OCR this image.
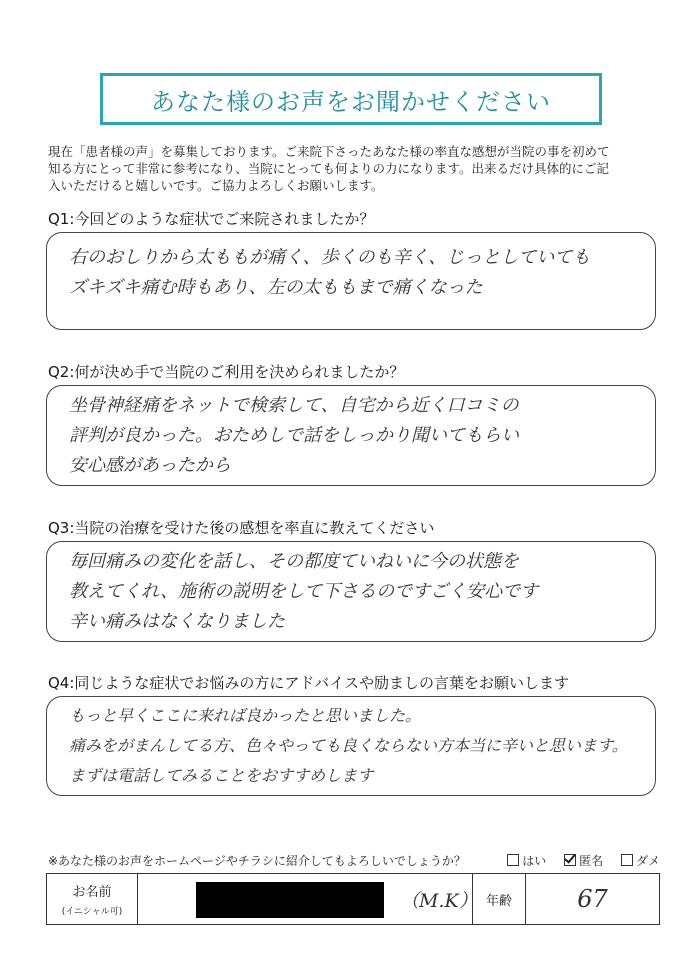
あなた様のお声をお聞かせください
現在「患者様の声」を募集しております。ご来院下さったあなた様の率直な感想が当院の事を初めて
知る方にとって非常に参考になり、当院にとっても何よりの力になります。出来るだけ具体的にご記
入いただけると嬉しいです。ご協力よろしくお願いします。
Q1:今回どのような症状でご来院されましたか？
右のおしりから太ももが痛く、歩くのも辛く、じっとしていても
ズキズキ痛む時もあり、左の太ももまで痛くなった
Q2:何が決め手で当院のご利用を決められましたか？
坐骨神経痛をネットで検索して、自宅から近く口コミの
評判が良かった。おためしで話をしっかり聞いてもらい
安心感があったから
Q3:当院の治療を受けた後の感想を率直に教えてください
毎回痛みの変化を話し、その都度ていねいに今の状態を
教えてくれ、施術の説明をして下さるのですごく安心です
辛い痛みはなくなりました
Q4:同じような症状でお悩みの方にアドバイスや励ましの言葉をお願いします
もっと早くここに来れば良かったと思いました。
痛みをがまんしてる方、色々やっても良くならない方本当に辛いと思います。
まずは電話してみることをおすすめします
※あなた様のお声をホームページやチラシに紹介してもよろしいでしょうか？	はい	匿名	ダメ
お名前
(イニシャル可)	（M.K）	年齢	67
